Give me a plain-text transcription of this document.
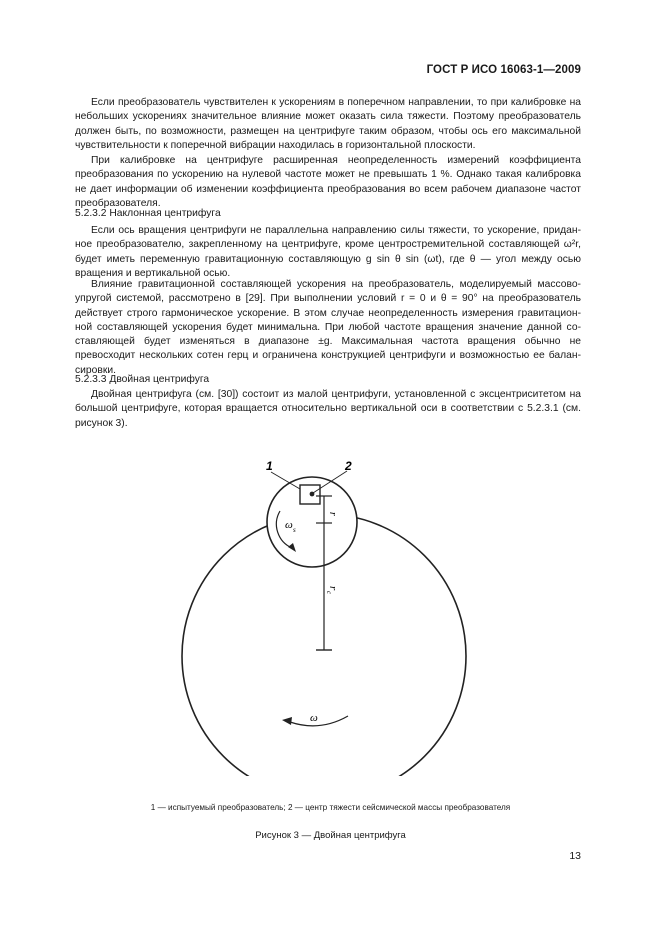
ГОСТ Р ИСО 16063-1—2009
Если преобразователь чувствителен к ускорениям в поперечном направлении, то при калибровке на небольших ускорениях значительное влияние может оказать сила тяжести. Поэтому преобразователь должен быть, по возможности, размещен на центрифуге таким образом, чтобы ось его максимальной чувствительности к поперечной вибрации находилась в горизонтальной плоскости.
При калибровке на центрифуге расширенная неопределенность измерений коэффициента преобразования по ускорению на нулевой частоте может не превышать 1 %. Однако такая калибровка не дает информации об изменении коэффициента преобразования во всем рабочем диапазоне частот преобразователя.
5.2.3.2 Наклонная центрифуга
Если ось вращения центрифуги не параллельна направлению силы тяжести, то ускорение, приданное преобразователю, закрепленному на центрифуге, кроме центростремительной составляющей ω²r, будет иметь переменную гравитационную составляющую g sin θ sin (ωt), где θ — угол между осью вращения и вертикальной осью.
Влияние гравитационной составляющей ускорения на преобразователь, моделируемый массово-упругой системой, рассмотрено в [29]. При выполнении условий r = 0 и θ = 90° на преобразователь действует строго гармоническое ускорение. В этом случае неопределенность измерения гравитационной составляющей ускорения будет минимальна. При любой частоте вращения значение данной составляющей будет изменяться в диапазоне ±g. Максимальная частота вращения обычно не превосходит нескольких сотен герц и ограничена конструкцией центрифуги и возможностью ее балансировки.
5.2.3.3 Двойная центрифуга
Двойная центрифуга (см. [30]) состоит из малой центрифуги, установленной с эксцентриситетом на большой центрифуге, которая вращается относительно вертикальной оси в соответствии с 5.2.3.1 (см. рисунок 3).
1	2
r
r
c
ω s
ω
1 — испытуемый преобразователь; 2 — центр тяжести сейсмической массы преобразователя
Рисунок 3 — Двойная центрифуга
13
